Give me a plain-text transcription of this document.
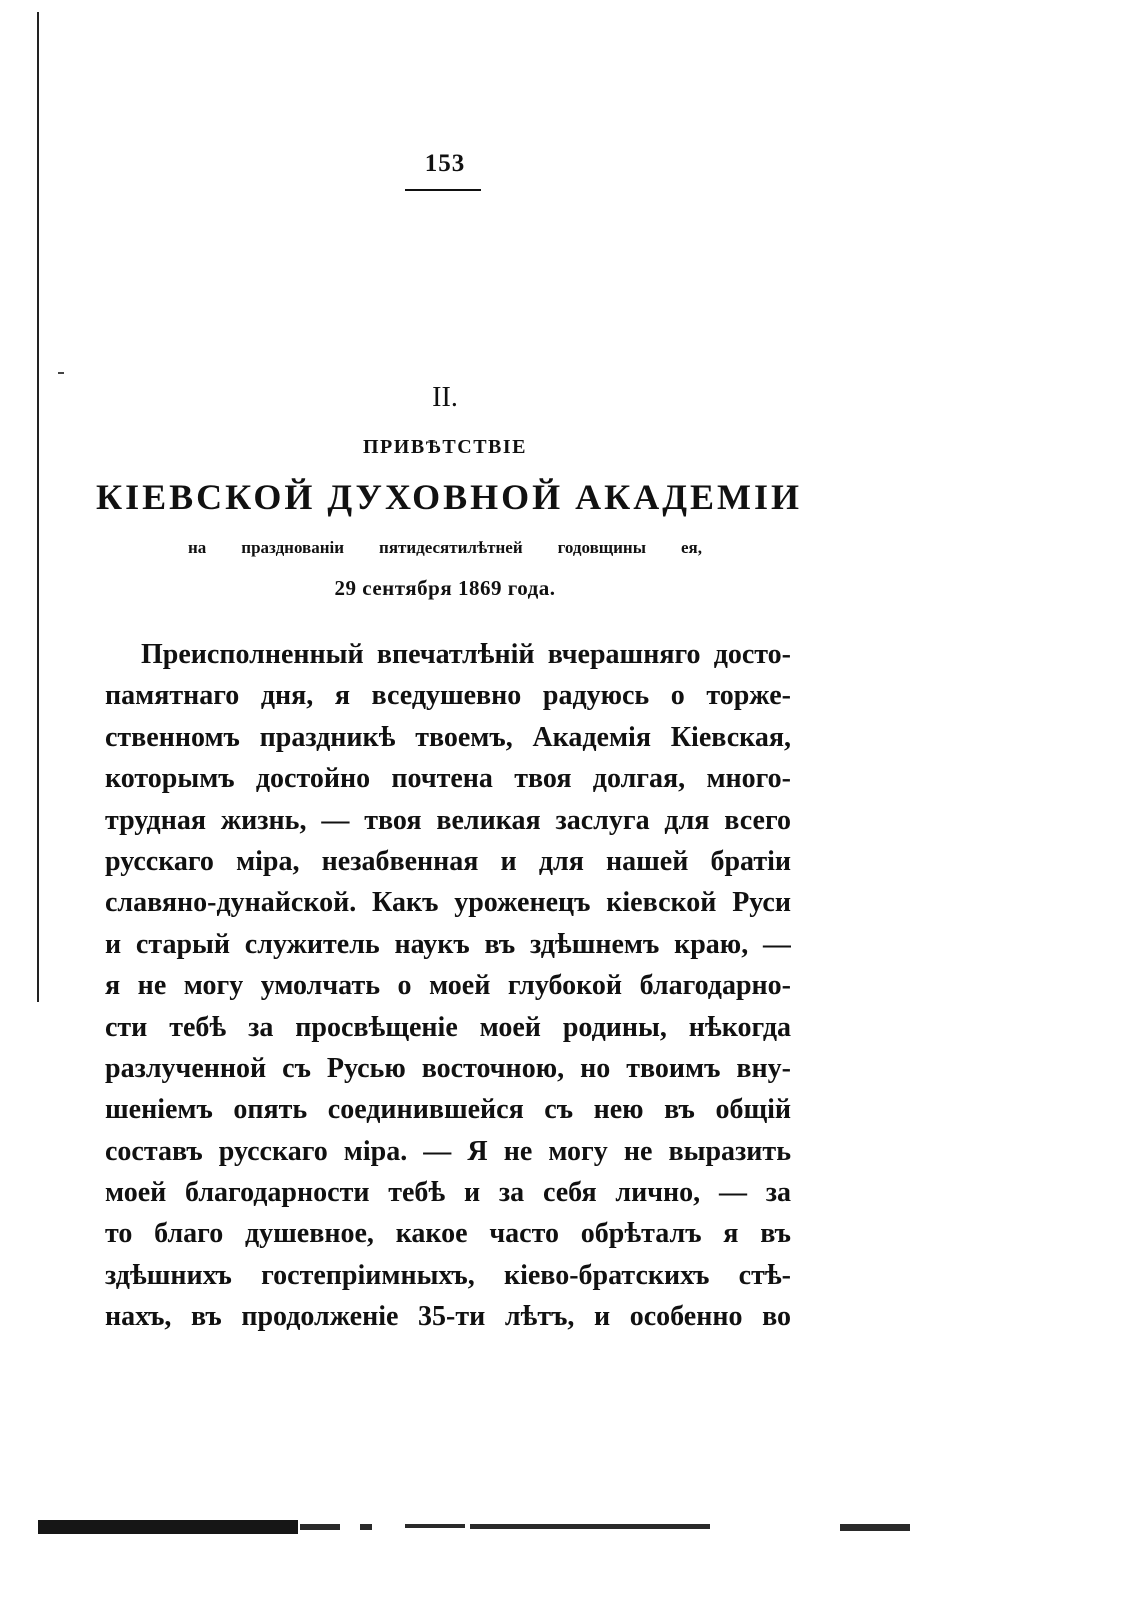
153
II.
ПРИВѢТСТВІЕ
КІЕВСКОЙ ДУХОВНОЙ АКАДЕМІИ
на празднованіи пятидесятилѣтней годовщины ея,
29 сентября 1869 года.
Преисполненный впечатлѣній вчерашняго досто-
памятнаго дня, я вседушевно радуюсь о торже-
ственномъ праздникѣ твоемъ, Академія Кіевская,
которымъ достойно почтена твоя долгая, много-
трудная жизнь, — твоя великая заслуга для всего
русскаго міра, незабвенная и для нашей братіи
славяно-дунайской. Какъ уроженецъ кіевской Руси
и старый служитель наукъ въ здѣшнемъ краю, —
я не могу умолчать о моей глубокой благодарно-
сти тебѣ за просвѣщеніе моей родины, нѣкогда
разлученной съ Русью восточною, но твоимъ вну-
шеніемъ опять соединившейся съ нею въ общій
составъ русскаго міра. — Я не могу не выразить
моей благодарности тебѣ и за себя лично, — за
то благо душевное, какое часто обрѣталъ я въ
здѣшнихъ гостепріимныхъ, кіево-братскихъ стѣ-
нахъ, въ продолженіе 35-ти лѣтъ, и особенно во
